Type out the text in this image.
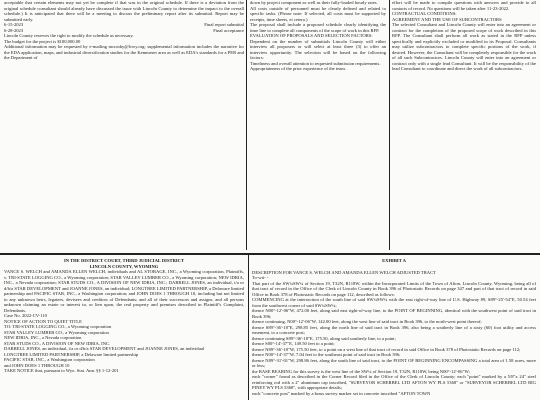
acceptable that certain elements may not yet be complete if that was in the original schedule. If there is a deviation from the original schedule consultant should already have discussed the issue with Lincoln County to determine the impact to the overall schedule.) It is anticipated that there will be a meeting to discuss the preliminary report after its submittal. Report may be submitted early.

6-15-2023	Final report submittal
6-28-2023	Final acceptance

Lincoln County reserves the right to modify the schedule as necessary.

The budget for the project is $100,000.00

Additional information may be requested by e-mailing mcrosby@lcwy.org; supplemental information includes the narrative for the EDA application, maps, and industrial diversification studies for the Kemmerer area as well as EDA's standards for a PER and the Department of

down by project component as well as their fully-loaded hourly rates.

All costs outside of personnel must be clearly defined and related to specific tasks. (Please note: If selected, all costs must be supported by receipts, time sheets, et cetera.)

The proposal shall include a proposed schedule clearly identifying the time line to complete all components of the scope of work in this RFP.

EVALUATION OF PROPOSALS AND SELECTION FACTORS:

Dependent on the number of submittals Lincoln County will either interview all proposers or will select at least three (3) to offer an interview opportunity. The selection will be based on the following factors:

Timeliness and overall attention to requested submission requirements.

Appropriateness of the prior experience of the team.

effort will be made to compile questions with answers and provide to all contacts of record. No questions will be taken after 11-23-2022.

CONTRACTUAL CONDITIONS:

AGREEMENT AND THE USE OF SUBCONTRACTORS

The selected Consultant and Lincoln County will enter into an agreement or contract for the completion of the proposed scope of work described in this RFP. The Consultant shall perform all work as stated in the RFP unless specifically and explicitly excluded or modified in its Proposal. Consultants may utilize subcontractors to complete specific portions of the work, if desired. However, the Consultant will be completely responsible for the work of all such Subcontractors. Lincoln County will enter into an agreement or contract only with a single lead Consultant. It will be the responsibility of the lead Consultant to coordinate and direct the work of all subcontractors.

IN THE DISTRICT COURT, THIRD JUDICIAL DISTRICT

LINCOLN COUNTY, WYOMING

VANCE S. WELCH and AMANDA ELLEN WELCH, individuals and AL STORAGE, INC., a Wyoming corporation, Plaintiffs, v. TRI-STATE LOGGING CO., a Wyoming corporation; STAR VALLEY LUMBER CO., a Wyoming corporation; NEW IDRIA, INC., a Nevada corporation; STAR STUDS CO., A DIVISION OF NEW IDRIA, INC.; DARRELL JONES, an individual, t/a or d/b/a STAR DEVELOPMENT and JOANNE JONES, an individual; LONGTREE LIMITED PARTNERSHIP, a Delaware limited partnership and PACIFIC STAR, INC., a Washington corporation; and JOHN DOES 1 THROUGH 10, including but not limited to any unknown heirs, legatees, devisees and creditors of Defendants; and all of their successors and assigns, and all persons unknown claiming an estate or interest in, or lien upon, the real property and premises described in Plaintiff's Complaint, Defendants.

Case No. 2022-CV-110

NOTICE OF ACTION TO QUIET TITLE

TO: TRI-STATE LOGGING CO., a Wyoming corporation

STAR VALLEY LUMBER CO., a Wyoming corporation

NEW IDRIA, INC., a Nevada corporation

STAR STUDS CO., A DIVISION OF NEW IDRIA, INC.

DARRELL JONES, an individual, t/a or d/b/a STAR DEVELOPMENT and JOANNE JONES, an individual

LONGTREE LIMITED PARTNERSHIP, a Delaware limited partnership

PACIFIC STAR, INC., a Washington corporation

and JOHN DOES 1 THROUGH 10

TAKE NOTICE that, pursuant to Wyo. Stat. Ann. §§ 1-12-201

EXHIBIT A

DESCRIPTION FOR VANCE S. WELCH AND AMANDA ELLEN WELCH ADJUSTED TRACT

To-wit- -

That part of the SW¼SW¼ of Section 19, T32N, R118W, within the Incorporated Limits of the Town of Afton, Lincoln County, Wyoming, being all of that tract of record in the Office of the Clerk of Lincoln County in Book 396 of Photostatic Records on page 347 and part of that tract of record in said Office in Book 378 of Photostatic Records on page 112, described as follows:

COMMENCING at the intersection of the south line of said SW¼SW¼ with the east right-of-way line of U.S. Highway 89, S89°-25'-54"E, 50.54 feet from the southwest corner of said SW¼SW¼;

thence N00°-12'-06"W, 472.00 feet, along said east right-of-way line, to the POINT OF BEGINNING, identical with the southwest point of said tract in Book 396;

thence continuing, N00°-12'-06"W, 142.00 feet, along the west line of said tract in Book 396, to the north-west point thereof;

thence S89°-36'-18"E, 298.85 feet, along the north line of said tract in Book 396, also being a southerly line of a sixty (60) foot utility and access easement, to a concrete post;

thence continuing S89°-36'-18"E, 175.50, along said southerly line, to a point;

thence S00°-14'-37"E, 149.50 feet to a point;

thence N89°-36'-18"W, 175.50 feet, to a point on a west line of that tract of record in said Office in Book 378 of Photostatic Records on page 112;

thence N00°-14'-37"W, 7.04 feet to the southeast point of said tract in Book 396;

thence N89°-31'-01"W, 298.86 feet, along the south line of said tract, to the POINT OF BEGINNING ENCOMPASSING a total area of 1.58 acres, more or less;

the BASE BEARING for this survey is the west line of the SW¼ of Section 19, T32N, R118W, being N00°-12'-06"W;

each "corner" found as described in the Corner Record filed in the Office of the Clerk of Lincoln County; each "point" marked by a 5/8"x 24" steel reinforcing rod with a 2" aluminum cap inscribed, "SURVEYOR SCHERBEL LTD AFTON WY PLS 5368" or "SURVEYOR SCHERBEL LTD BIG PINEY WY PLS 5368", with appropriate details;

each "concrete post" marked by a brass survey marker set in concrete inscribed "AFTON TOWN
